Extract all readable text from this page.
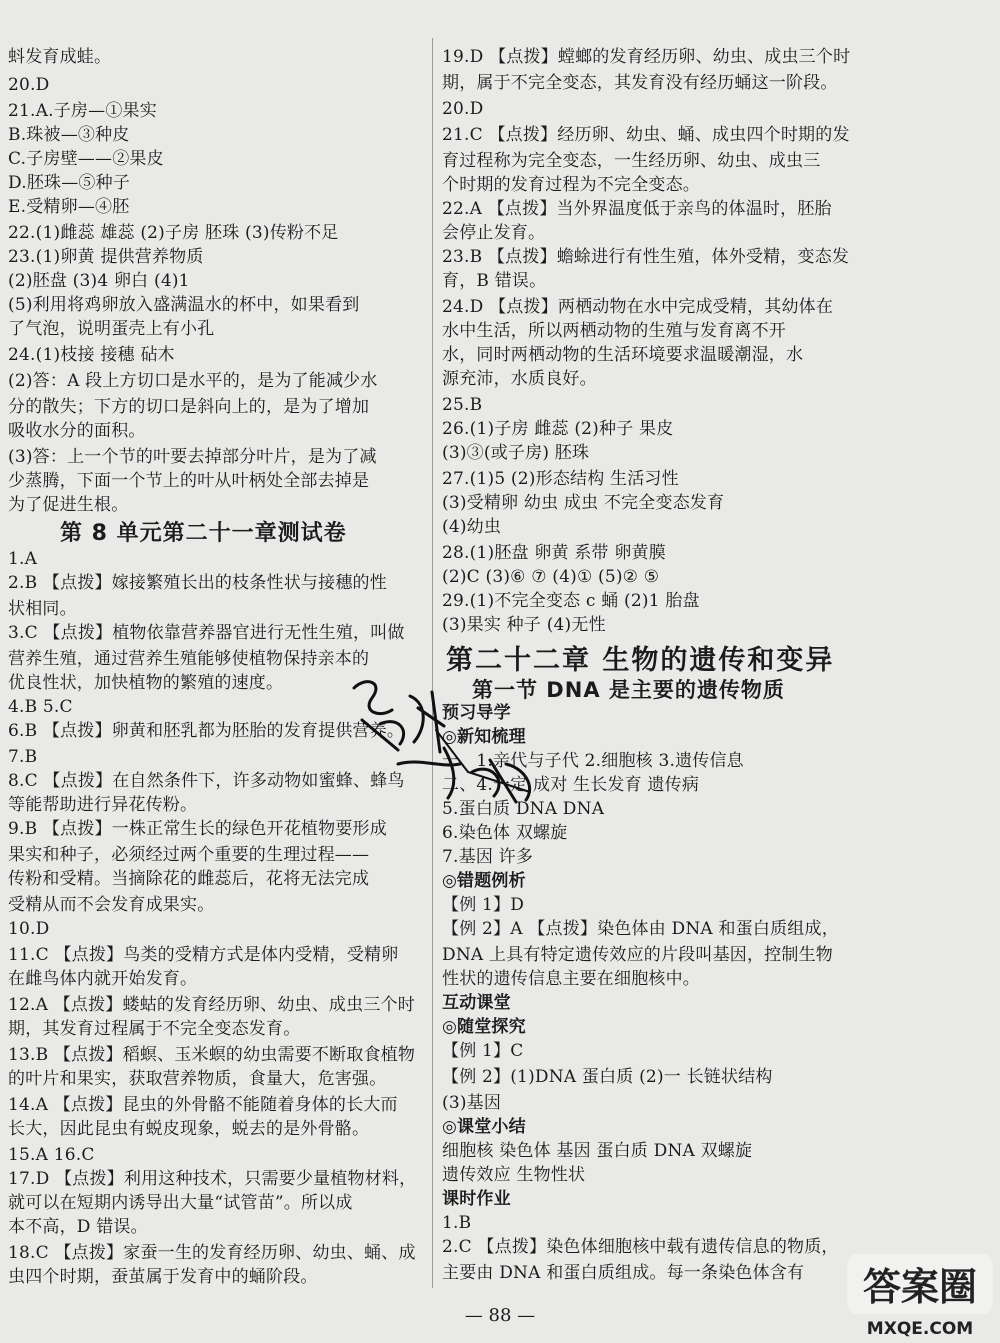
蚪发育成蛙。
20.D
21.A.子房—①果实
B.珠被—③种皮
C.子房壁——②果皮
D.胚珠—⑤种子
E.受精卵—④胚
22.(1)雌蕊 雄蕊 (2)子房 胚珠 (3)传粉不足
23.(1)卵黄 提供营养物质
(2)胚盘 (3)4 卵白 (4)1
(5)利用将鸡卵放入盛满温水的杯中，如果看到
了气泡，说明蛋壳上有小孔
24.(1)枝接 接穗 砧木
(2)答：A 段上方切口是水平的，是为了能减少水
分的散失；下方的切口是斜向上的，是为了增加
吸收水分的面积。
(3)答：上一个节的叶要去掉部分叶片，是为了减
少蒸腾，下面一个节上的叶从叶柄处全部去掉是
为了促进生根。
第 8 单元第二十一章测试卷
1.A
2.B 【点拨】嫁接繁殖长出的枝条性状与接穗的性
状相同。
3.C 【点拨】植物依靠营养器官进行无性生殖，叫做
营养生殖，通过营养生殖能够使植物保持亲本的
优良性状，加快植物的繁殖的速度。
4.B 5.C
6.B 【点拨】卵黄和胚乳都为胚胎的发育提供营养。
7.B
8.C 【点拨】在自然条件下，许多动物如蜜蜂、蜂鸟
等能帮助进行异花传粉。
9.B 【点拨】一株正常生长的绿色开花植物要形成
果实和种子，必须经过两个重要的生理过程——
传粉和受精。当摘除花的雌蕊后，花将无法完成
受精从而不会发育成果实。
10.D
11.C 【点拨】鸟类的受精方式是体内受精，受精卵
在雌鸟体内就开始发育。
12.A 【点拨】蝼蛄的发育经历卵、幼虫、成虫三个时
期，其发育过程属于不完全变态发育。
13.B 【点拨】稻螟、玉米螟的幼虫需要不断取食植物
的叶片和果实，获取营养物质，食量大，危害强。
14.A 【点拨】昆虫的外骨骼不能随着身体的长大而
长大，因此昆虫有蜕皮现象，蜕去的是外骨骼。
15.A 16.C
17.D 【点拨】利用这种技术，只需要少量植物材料，
就可以在短期内诱导出大量“试管苗”。所以成
本不高，D 错误。
18.C 【点拨】家蚕一生的发育经历卵、幼虫、蛹、成
虫四个时期，蚕茧属于发育中的蛹阶段。
19.D 【点拨】螳螂的发育经历卵、幼虫、成虫三个时
期，属于不完全变态，其发育没有经历蛹这一阶段。
20.D
21.C 【点拨】经历卵、幼虫、蛹、成虫四个时期的发
育过程称为完全变态，一生经历卵、幼虫、成虫三
个时期的发育过程为不完全变态。
22.A 【点拨】当外界温度低于亲鸟的体温时，胚胎
会停止发育。
23.B 【点拨】蟾蜍进行有性生殖，体外受精，变态发
育，B 错误。
24.D 【点拨】两栖动物在水中完成受精，其幼体在
水中生活，所以两栖动物的生殖与发育离不开
水，同时两栖动物的生活环境要求温暖潮湿，水
源充沛，水质良好。
25.B
26.(1)子房 雌蕊 (2)种子 果皮
(3)③(或子房) 胚珠
27.(1)5 (2)形态结构 生活习性
(3)受精卵 幼虫 成虫 不完全变态发育
(4)幼虫
28.(1)胚盘 卵黄 系带 卵黄膜
(2)C (3)⑥ ⑦ (4)① (5)② ⑤
29.(1)不完全变态 c 蛹 (2)1 胎盘
(3)果实 种子 (4)无性
第二十二章 生物的遗传和变异
第一节 DNA 是主要的遗传物质
预习导学
◎新知梳理
一、1.亲代与子代 2.细胞核 3.遗传信息
二、4.一定 成对 生长发育 遗传病
5.蛋白质 DNA DNA
6.染色体 双螺旋
7.基因 许多
◎错题例析
【例 1】D
【例 2】A 【点拨】染色体由 DNA 和蛋白质组成，
DNA 上具有特定遗传效应的片段叫基因，控制生物
性状的遗传信息主要在细胞核中。
互动课堂
◎随堂探究
【例 1】C
【例 2】(1)DNA 蛋白质 (2)一 长链状结构
(3)基因
◎课堂小结
细胞核 染色体 基因 蛋白质 DNA 双螺旋
遗传效应 生物性状
课时作业
1.B
2.C 【点拨】染色体细胞核中载有遗传信息的物质，
主要由 DNA 和蛋白质组成。每一条染色体含有
— 88 —
答案圈
MXQE.COM
